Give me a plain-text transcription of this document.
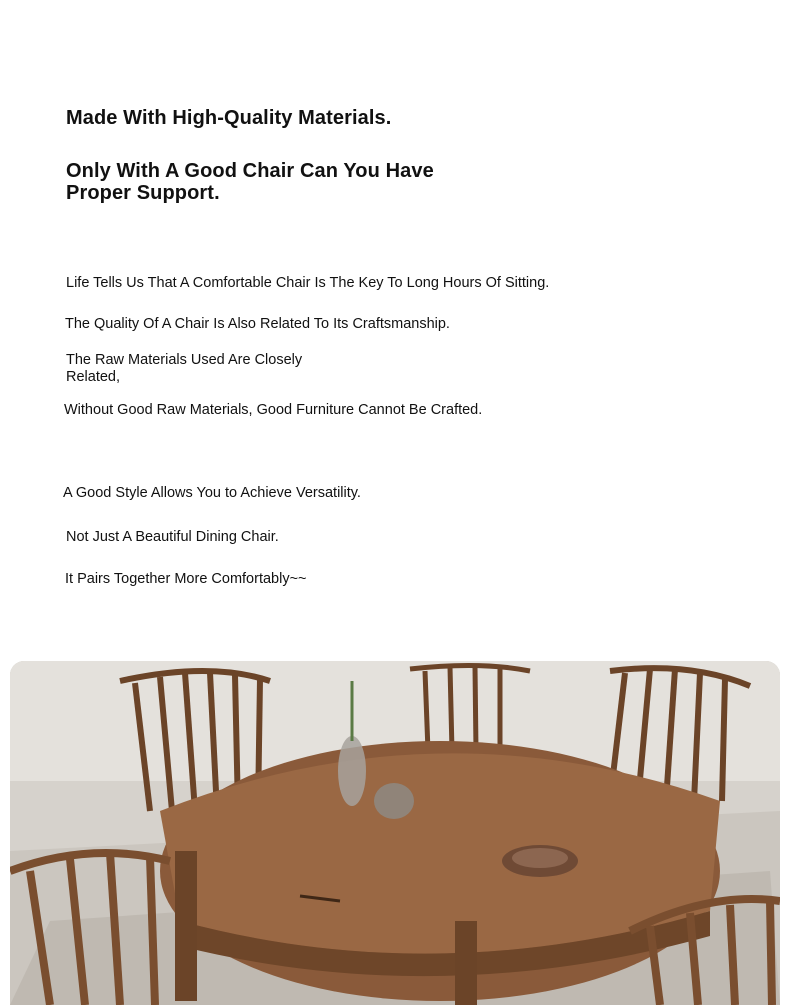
Made With High-Quality Materials.
Only With A Good Chair Can You Have Proper Support.

Life Tells Us That A Comfortable Chair Is The Key To Long Hours Of Sitting.

The Quality Of A Chair Is Also Related To Its Craftsmanship.

The Raw Materials Used Are Closely Related,

Without Good Raw Materials, Good Furniture Cannot Be Crafted.

A Good Style Allows You to Achieve Versatility.

Not Just A Beautiful Dining Chair.

It Pairs Together More Comfortably~~
